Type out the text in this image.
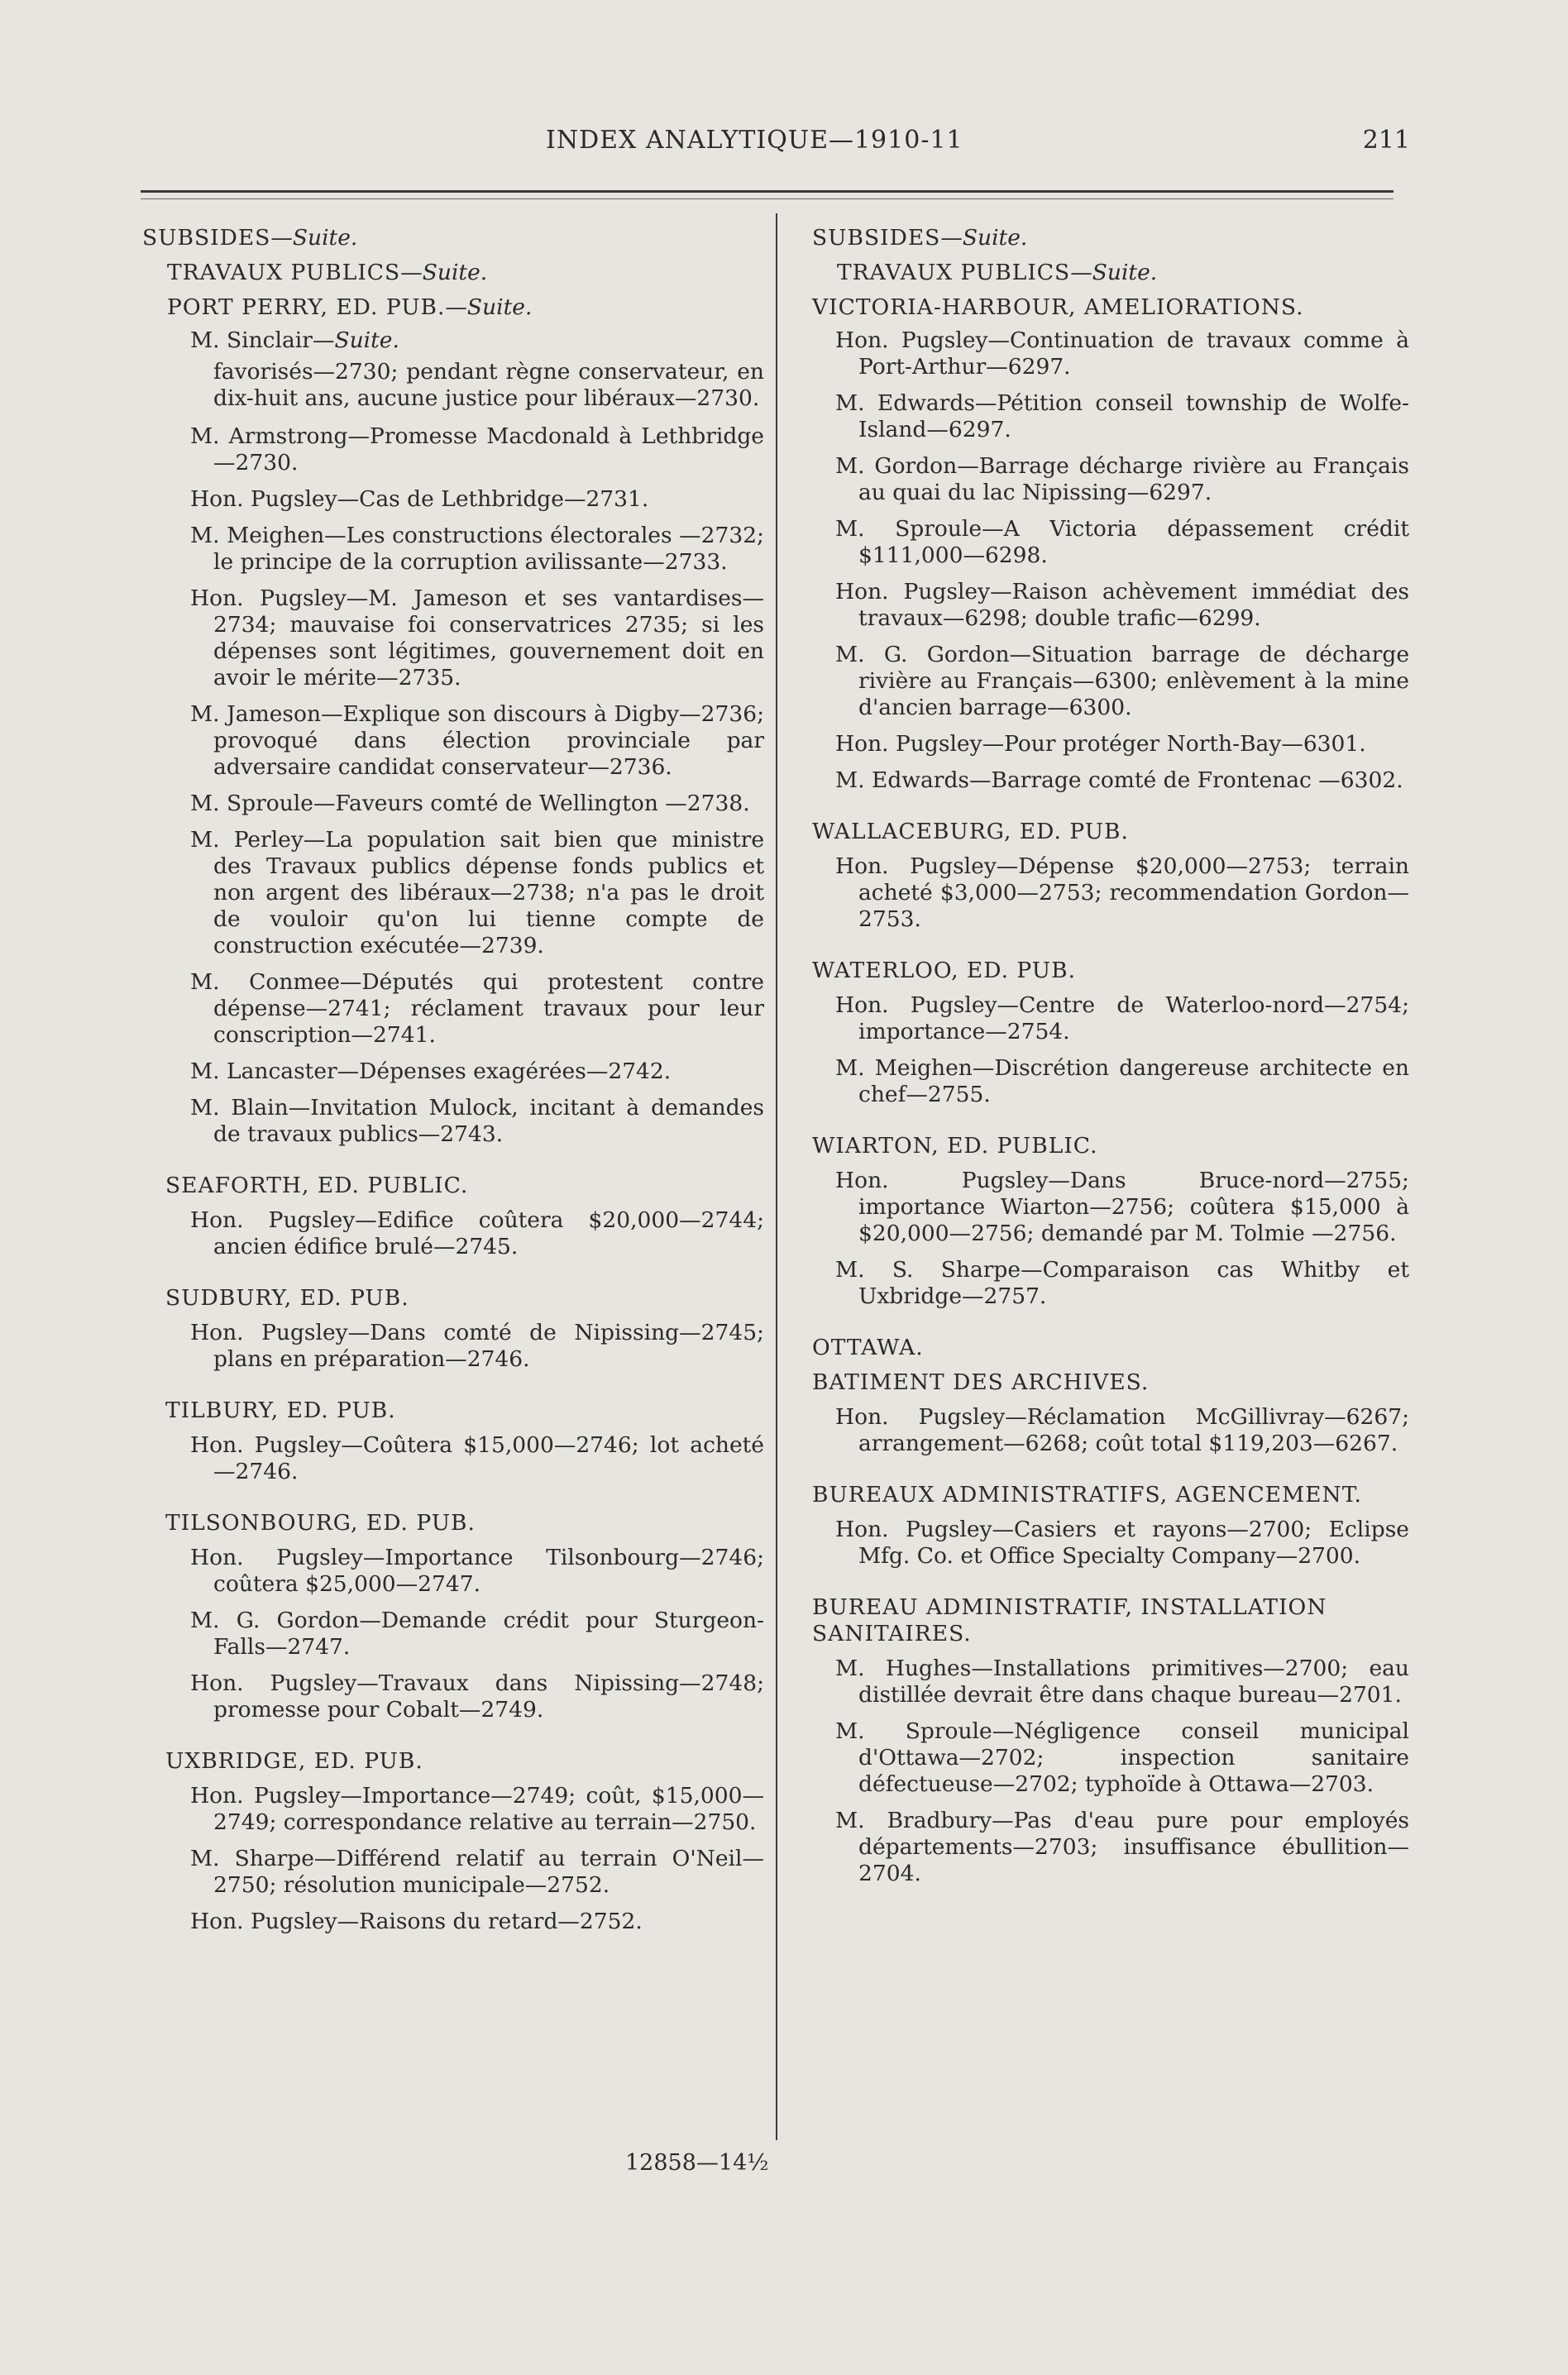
INDEX ANALYTIQUE—1910-11	211
SUBSIDES—Suite.
TRAVAUX PUBLICS—Suite.
PORT PERRY, ED. PUB.—Suite.
M. Sinclair—Suite.
favorisés—2730; pendant règne conservateur, en dix-huit ans, aucune justice pour libéraux—2730.
M. Armstrong—Promesse Macdonald à Lethbridge—2730.
Hon. Pugsley—Cas de Lethbridge—2731.
M. Meighen—Les constructions électorales —2732; le principe de la corruption avilissante—2733.
Hon. Pugsley—M. Jameson et ses vantardises—2734; mauvaise foi conservatrices 2735; si les dépenses sont légitimes, gouvernement doit en avoir le mérite—2735.
M. Jameson—Explique son discours à Digby—2736; provoqué dans élection provinciale par adversaire candidat conservateur—2736.
M. Sproule—Faveurs comté de Wellington —2738.
M. Perley—La population sait bien que ministre des Travaux publics dépense fonds publics et non argent des libéraux—2738; n'a pas le droit de vouloir qu'on lui tienne compte de construction exécutée—2739.
M. Conmee—Députés qui protestent contre dépense—2741; réclament travaux pour leur conscription—2741.
M. Lancaster—Dépenses exagérées—2742.
M. Blain—Invitation Mulock, incitant à demandes de travaux publics—2743.
SEAFORTH, ED. PUBLIC.
Hon. Pugsley—Edifice coûtera $20,000—2744; ancien édifice brulé—2745.
SUDBURY, ED. PUB.
Hon. Pugsley—Dans comté de Nipissing—2745; plans en préparation—2746.
TILBURY, ED. PUB.
Hon. Pugsley—Coûtera $15,000—2746; lot acheté—2746.
TILSONBOURG, ED. PUB.
Hon. Pugsley—Importance Tilsonbourg—2746; coûtera $25,000—2747.
M. G. Gordon—Demande crédit pour Sturgeon-Falls—2747.
Hon. Pugsley—Travaux dans Nipissing—2748; promesse pour Cobalt—2749.
UXBRIDGE, ED. PUB.
Hon. Pugsley—Importance—2749; coût, $15,000—2749; correspondance relative au terrain—2750.
M. Sharpe—Différend relatif au terrain O'Neil—2750; résolution municipale—2752.
Hon. Pugsley—Raisons du retard—2752.
SUBSIDES—Suite.
TRAVAUX PUBLICS—Suite.
VICTORIA-HARBOUR, AMELIORATIONS.
Hon. Pugsley—Continuation de travaux comme à Port-Arthur—6297.
M. Edwards—Pétition conseil township de Wolfe-Island—6297.
M. Gordon—Barrage décharge rivière au Français au quai du lac Nipissing—6297.
M. Sproule—A Victoria dépassement crédit $111,000—6298.
Hon. Pugsley—Raison achèvement immédiat des travaux—6298; double trafic—6299.
M. G. Gordon—Situation barrage de décharge rivière au Français—6300; enlèvement à la mine d'ancien barrage—6300.
Hon. Pugsley—Pour protéger North-Bay—6301.
M. Edwards—Barrage comté de Frontenac —6302.
WALLACEBURG, ED. PUB.
Hon. Pugsley—Dépense $20,000—2753; terrain acheté $3,000—2753; recommendation Gordon—2753.
WATERLOO, ED. PUB.
Hon. Pugsley—Centre de Waterloo-nord—2754; importance—2754.
M. Meighen—Discrétion dangereuse architecte en chef—2755.
WIARTON, ED. PUBLIC.
Hon. Pugsley—Dans Bruce-nord—2755; importance Wiarton—2756; coûtera $15,000 à $20,000—2756; demandé par M. Tolmie —2756.
M. S. Sharpe—Comparaison cas Whitby et Uxbridge—2757.
OTTAWA.
BATIMENT DES ARCHIVES.
Hon. Pugsley—Réclamation McGillivray—6267; arrangement—6268; coût total $119,203—6267.
BUREAUX ADMINISTRATIFS, AGENCEMENT.
Hon. Pugsley—Casiers et rayons—2700; Eclipse Mfg. Co. et Office Specialty Company—2700.
BUREAU ADMINISTRATIF, INSTALLATION SANITAIRES.
M. Hughes—Installations primitives—2700; eau distillée devrait être dans chaque bureau—2701.
M. Sproule—Négligence conseil municipal d'Ottawa—2702; inspection sanitaire défectueuse—2702; typhoïde à Ottawa—2703.
M. Bradbury—Pas d'eau pure pour employés départements—2703; insuffisance ébullition—2704.
12858—14½
